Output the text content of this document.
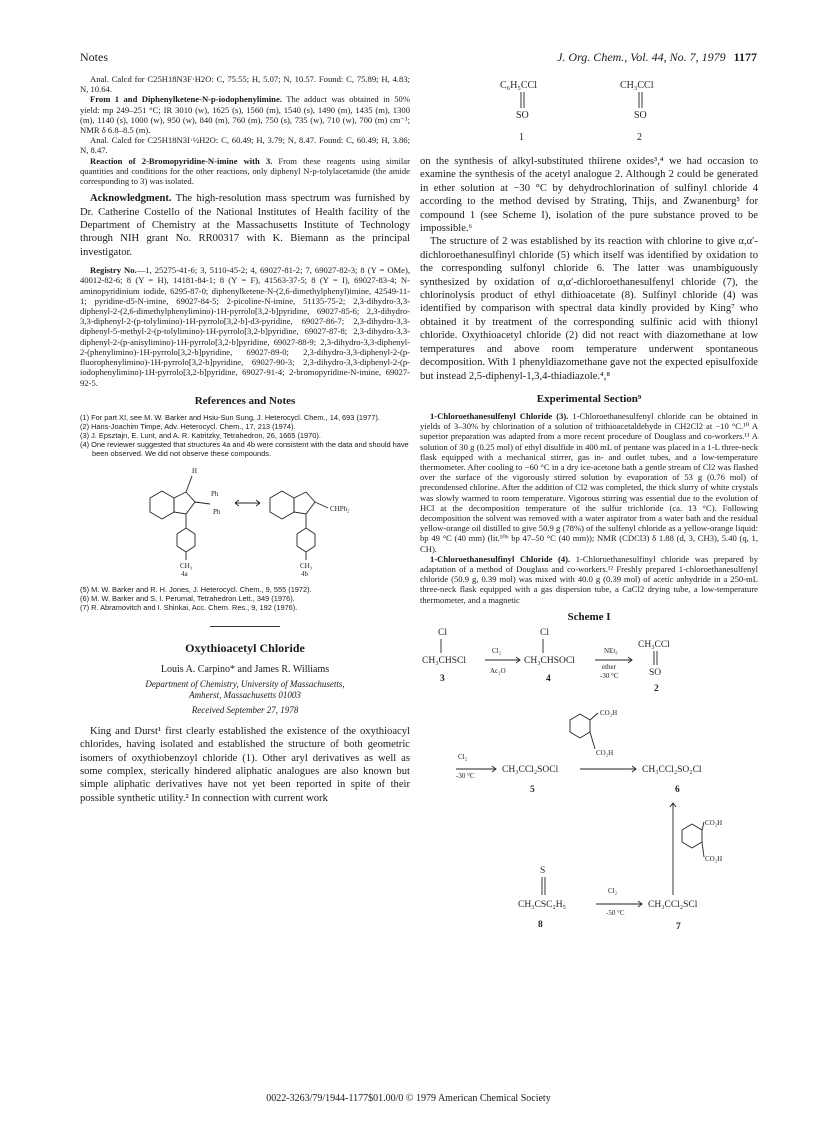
Notes	J. Org. Chem., Vol. 44, No. 7, 1979 1177

Anal. Calcd for C25H18N3F·H2O: C, 75.55; H, 5.07; N, 10.57. Found: C, 75.89; H, 4.83; N, 10.64.

From 1 and Diphenylketene-N-p-iodophenylimine. The adduct was obtained in 50% yield: mp 249–251 °C; IR 3010 (w), 1625 (s), 1560 (m), 1540 (s), 1490 (m), 1435 (m), 1300 (m), 1140 (s), 1000 (w), 950 (w), 840 (m), 760 (m), 750 (s), 735 (w), 710 (w), 700 (m) cm⁻¹; NMR δ 6.8–8.5 (m).

Anal. Calcd for C25H18N3I·½H2O: C, 60.49; H, 3.79; N, 8.47. Found: C, 60.49; H, 3.86; N, 8.47.

Reaction of 2-Bromopyridine-N-imine with 3. From these reagents using similar quantities and conditions for the other reactions, only diphenyl N-p-tolylacetamide (the amide corresponding to 3) was isolated.

Acknowledgment. The high-resolution mass spectrum was furnished by Dr. Catherine Costello of the National Institutes of Health facility of the Department of Chemistry at the Massachusetts Institute of Technology through NIH grant No. RR00317 with K. Biemann as the principal investigator.

Registry No.—1, 25275-41-6; 3, 5110-45-2; 4, 69027-81-2; 7, 69027-82-3; 8 (Y = OMe), 40012-82-6; 8 (Y = H), 14181-84-1; 8 (Y = F), 41563-37-5; 8 (Y = I), 69027-83-4; N-aminopyridinium iodide, 6295-87-0; diphenylketene-N-(2,6-dimethylphenyl)imine, 42549-11-1; pyridine-d5-N-imine, 69027-84-5; 2-picoline-N-imine, 51135-75-2; 2,3-dihydro-3,3-diphenyl-2-(2,6-dimethylphenylimino)-1H-pyrrolo[3,2-b]pyridine, 69027-85-6; 2,3-dihydro-3,3-diphenyl-2-(p-tolylimino)-1H-pyrrolo[3,2-b]-d3-pyridine, 69027-86-7; 2,3-dihydro-3,3-diphenyl-5-methyl-2-(p-tolylimino)-1H-pyrrolo[3,2-b]pyridine, 69027-87-8; 2,3-dihydro-3,3-diphenyl-2-(p-anisylimino)-1H-pyrrolo[3,2-b]pyridine, 69027-88-9; 2,3-dihydro-3,3-diphenyl-2-(phenylimino)-1H-pyrrolo[3,2-b]pyridine, 69027-89-0; 2,3-dihydro-3,3-diphenyl-2-(p-fluorophenylimino)-1H-pyrrolo[3,2-b]pyridine, 69027-90-3; 2,3-dihydro-3,3-diphenyl-2-(p-iodophenylimino)-1H-pyrrolo[3,2-b]pyridine, 69027-91-4; 2-bromopyridine-N-imine, 69027-92-5.

References and Notes
(1) For part XI, see M. W. Barker and Hsiu-Sun Sung, J. Heterocycl. Chem., 14, 693 (1977).
(2) Hans-Joachim Timpe, Adv. Heterocycl. Chem., 17, 213 (1974).
(3) J. Epsztajn, E. Lunt, and A. R. Katritzky, Tetrahedron, 26, 1665 (1970).
(4) One reviewer suggested that structures 4a and 4b were consistent with the data and should have been observed. We did not observe these compounds.
H
Ph
Ph	CHPh₂
CH₃	CH₃
4a	4b
(5) M. W. Barker and R. H. Jones, J. Heterocycl. Chem., 9, 555 (1972).
(6) M. W. Barker and S. I. Perumal, Tetrahedron Lett., 349 (1976).
(7) R. Abramovitch and I. Shinkai, Acc. Chem. Res., 9, 192 (1976).
Oxythioacetyl Chloride
Louis A. Carpino* and James R. Williams
Department of Chemistry, University of Massachusetts,
Amherst, Massachusetts 01003
Received September 27, 1978

King and Durst¹ first clearly established the existence of the oxythioacyl chlorides, having isolated and established the structure of both geometric isomers of oxythiobenzoyl chloride (1). Other aryl derivatives as well as some complex, sterically hindered aliphatic analogues are also known but simple aliphatic derivatives have not yet been reported in spite of their possible synthetic utility.² In connection with current work

C₆H₅CCl
SO
1
CH₃CCl
SO
2

on the synthesis of alkyl-substituted thiirene oxides³,⁴ we had occasion to examine the synthesis of the acetyl analogue 2. Although 2 could be generated in ether solution at −30 °C by dehydrochlorination of sulfinyl chloride 4 according to the method devised by Strating, Thijs, and Zwanenburg⁵ for compound 1 (see Scheme I), isolation of the pure substance proved to be impossible.⁶

The structure of 2 was established by its reaction with chlorine to give α,α′-dichloroethanesulfinyl chloride (5) which itself was identified by oxidation to the corresponding sulfonyl chloride 6. The latter was unambiguously synthesized by oxidation of α,α′-dichloroethanesulfenyl chloride (7), the chlorinolysis product of ethyl dithioacetate (8). Sulfinyl chloride (4) was identified by comparison with spectral data kindly provided by King⁷ who obtained it by treatment of the corresponding sulfinic acid with thionyl chloride. Oxythioacetyl chloride (2) did not react with diazomethane at low temperatures and above room temperature underwent spontaneous decomposition. With 1 phenyldiazomethane gave not the expected episulfoxide but instead 2,5-diphenyl-1,3,4-thiadiazole.⁴,⁸

Experimental Section⁹

1-Chloroethanesulfenyl Chloride (3). 1-Chloroethanesulfenyl chloride can be obtained in yields of 3–30% by chlorination of a solution of trithioacetaldehyde in CH2Cl2 at −10 °C.¹⁰ A superior preparation was adapted from a more recent procedure of Douglass and co-workers.¹¹ A solution of 30 g (0.25 mol) of ethyl disulfide in 400 mL of pentane was placed in a 1-L three-neck flask equipped with a mechanical stirrer, gas in- and outlet tubes, and a low-temperature thermometer. After cooling to −60 °C in a dry ice-acetone bath a gentle stream of Cl2 was flashed over the surface of the vigorously stirred solution by evaporation of 53 g (0.76 mol) of precondensed chlorine. After the addition of Cl2 was completed, the thick slurry of white crystals was slowly warmed to room temperature. Vigorous stirring was essential due to the evolution of HCl at the decomposition temperature of the sulfur trichloride (ca. 13 °C). Following decomposition the solvent was removed with a water aspirator from a water bath and the residual yellow-orange oil distilled to give 50.9 g (78%) of the sulfenyl chloride as a yellow-orange liquid: bp 49 °C (40 mm) (lit.¹⁰ᵇ bp 47–50 °C (40 mm)); NMR (CDCl3) δ 1.88 (d, 3, CH3), 5.40 (q, 1, CH).

1-Chloroethanesulfinyl Chloride (4). 1-Chloroethanesulfinyl chloride was prepared by adaptation of a method of Douglass and co-workers.¹² Freshly prepared 1-chloroethanesulfenyl chloride (50.9 g, 0.39 mol) was mixed with 40.0 g (0.39 mol) of acetic anhydride in a 250-mL three-neck flask equipped with a gas dispersion tube, a CaCl2 drying tube, a low-temperature thermometer, and a magnetic

Scheme I
Cl
CH₃CHSCl
3
Cl₂
Ac₂O
Cl
CH₃CHSOCl
4
NEt₃
ether
-30 °C
CH₃CCl
SO
2
CO₂H
CO₂H
Cl₂
-30 °C
CH₃CCl₂SOCl
5
CH₃CCl₂SO₂Cl
6
CO₂H
CO₂H
S
CH₃CSC₂H₅
8
Cl₂
-50 °C
CH₃CCl₂SCl
7
0022-3263/79/1944-1177$01.00/0 © 1979 American Chemical Society
